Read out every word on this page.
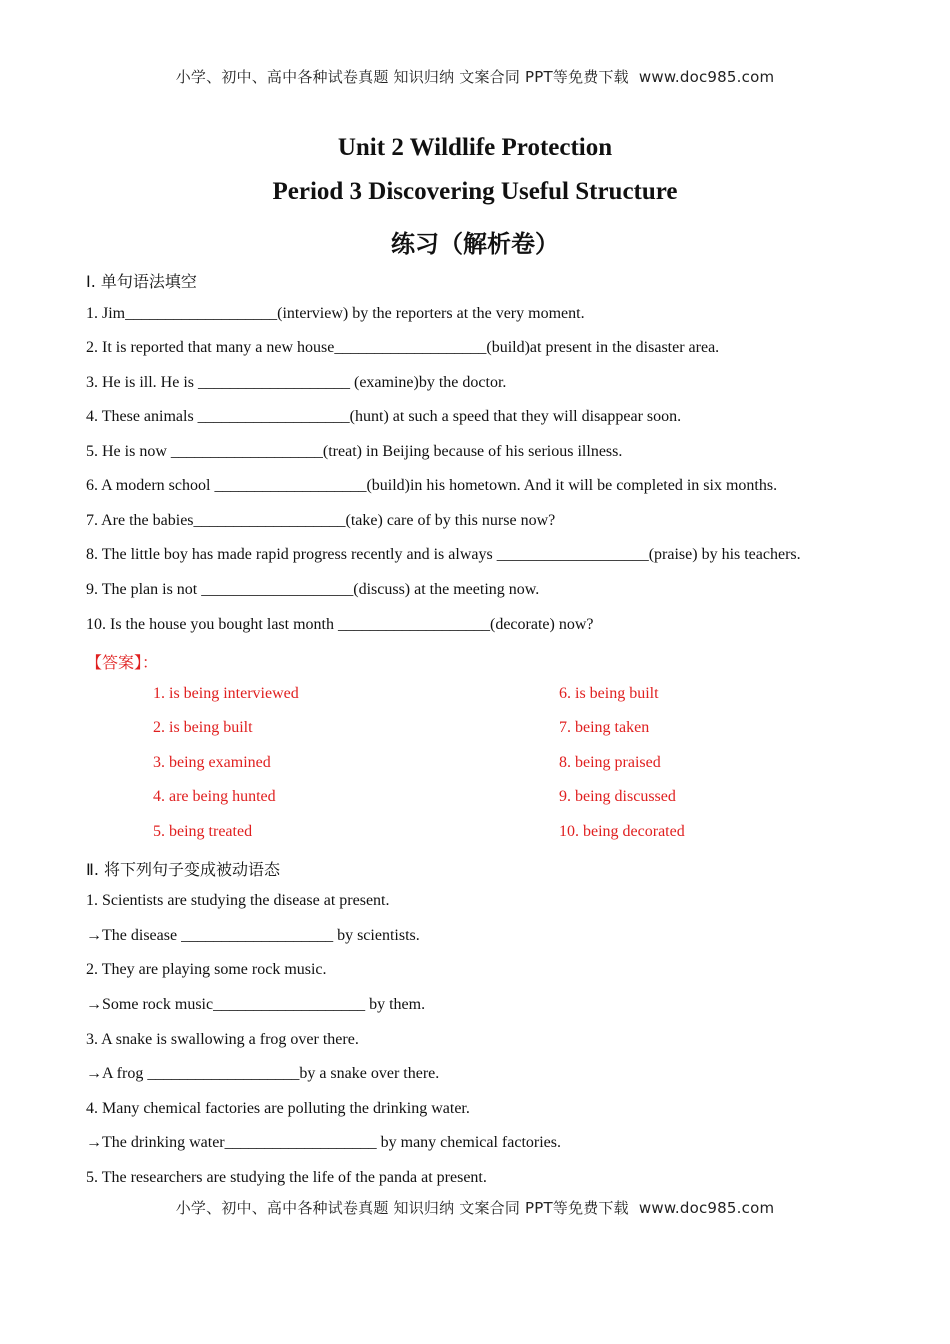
小学、初中、高中各种试卷真题 知识归纳 文案合同 PPT等免费下载 www.doc985.com
Unit 2 Wildlife Protection
Period 3 Discovering Useful Structure
练习（解析卷）
Ⅰ. 单句语法填空
1. Jim___________________(interview) by the reporters at the very moment.
2. It is reported that many a new house___________________(build)at present in the disaster area.
3. He is ill. He is ___________________ (examine)by the doctor.
4. These animals ___________________(hunt) at such a speed that they will disappear soon.
5. He is now ___________________(treat) in Beijing because of his serious illness.
6. A modern school ___________________(build)in his hometown. And it will be completed in six months.
7. Are the babies___________________(take) care of by this nurse now?
8. The little boy has made rapid progress recently and is always ___________________(praise) by his teachers.
9. The plan is not ___________________(discuss) at the meeting now.
10. Is the house you bought last month ___________________(decorate) now?
【答案】：
1. is being interviewed
2. is being built
3. being examined
4. are being hunted
5. being treated
6. is being built
7. being taken
8. being praised
9. being discussed
10. being decorated
Ⅱ. 将下列句子变成被动语态
1. Scientists are studying the disease at present.
→The disease ___________________ by scientists.
2. They are playing some rock music.
→Some rock music___________________ by them.
3. A snake is swallowing a frog over there.
→A frog ___________________by a snake over there.
4. Many chemical factories are polluting the drinking water.
→The drinking water___________________ by many chemical factories.
5. The researchers are studying the life of the panda at present.
小学、初中、高中各种试卷真题 知识归纳 文案合同 PPT等免费下载 www.doc985.com
